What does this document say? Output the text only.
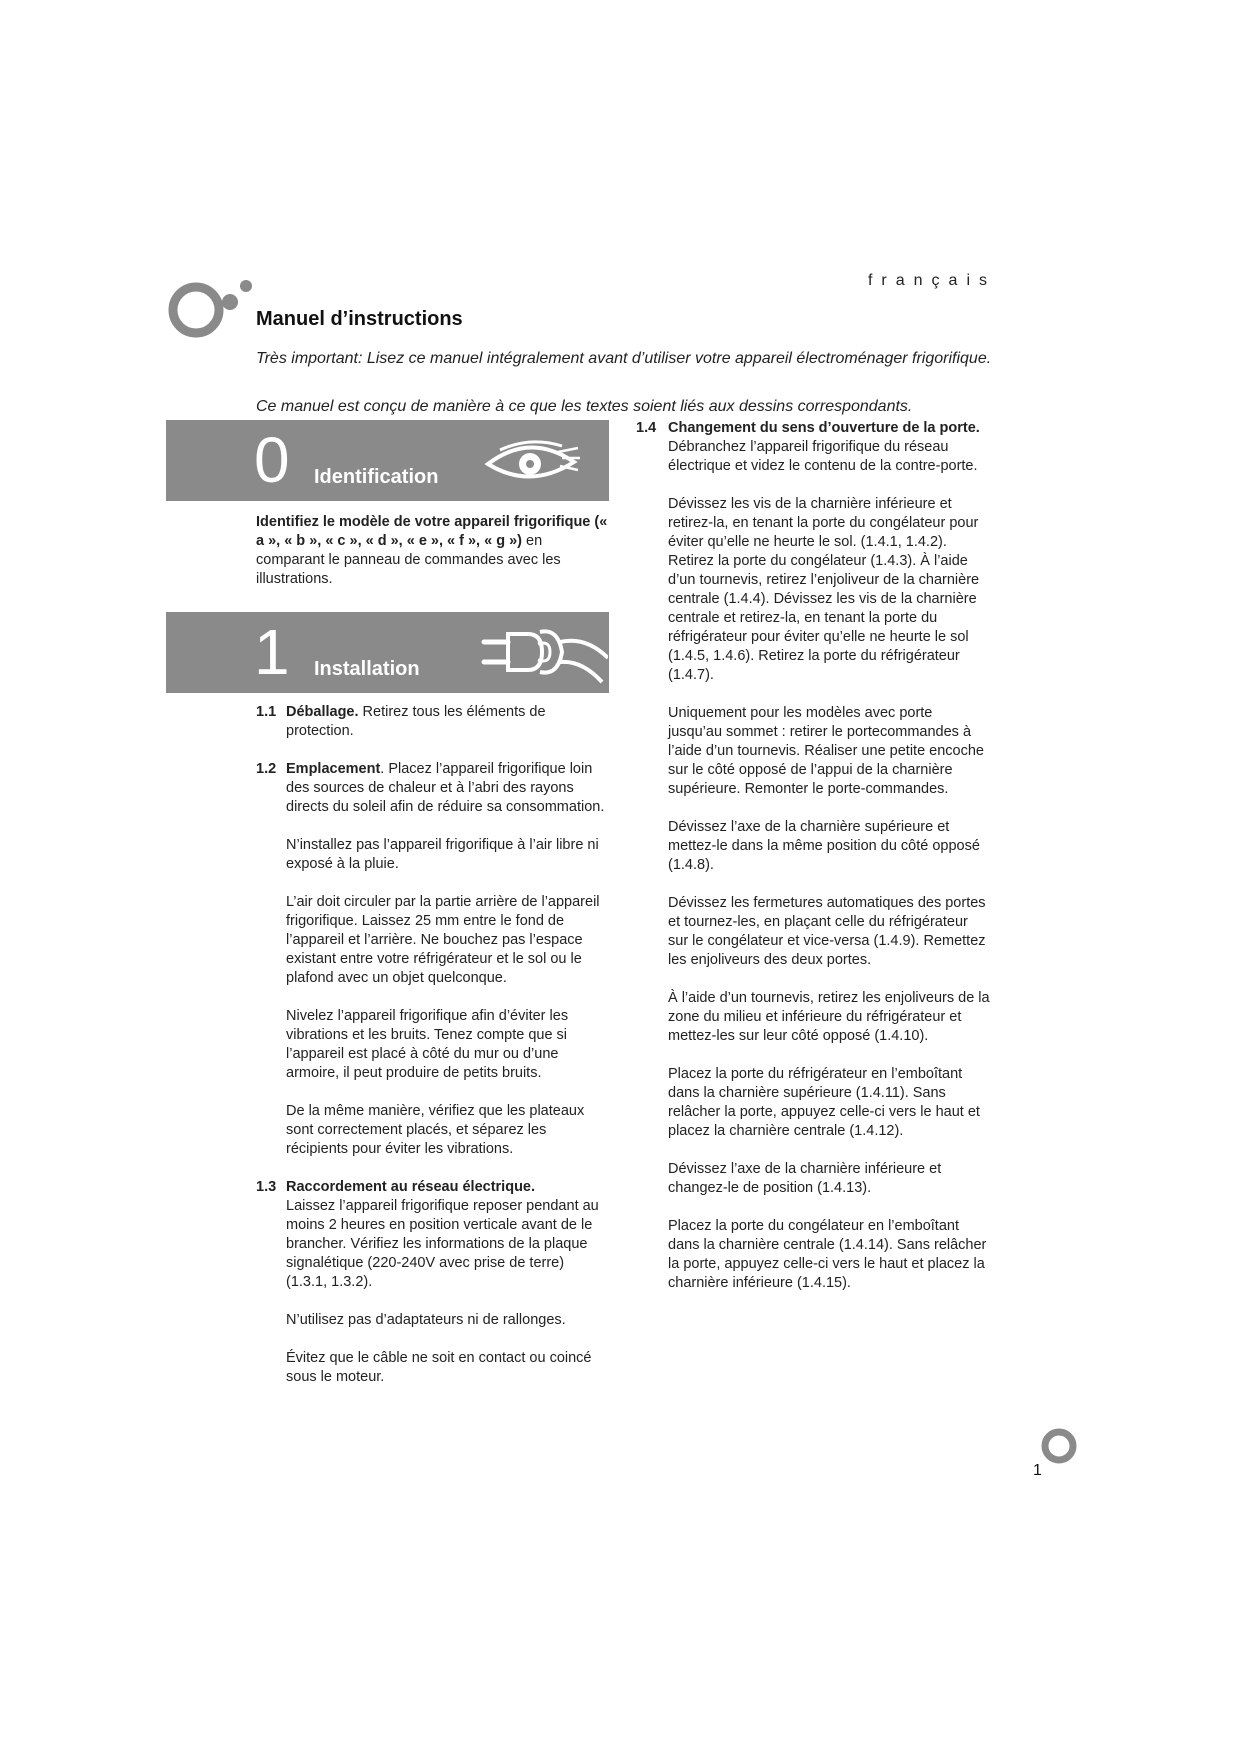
français
Manuel d’instructions
Très important: Lisez ce manuel intégralement avant d’utiliser votre appareil électroménager frigorifique.
Ce manuel est conçu de manière à ce que les textes soient liés aux dessins correspondants.
0 Identification

Identifiez le modèle de votre appareil frigorifique (« a », « b », « c », « d », « e », « f », « g ») en comparant le panneau de commandes avec les illustrations.

1 Installation
1.1 Déballage. Retirez tous les éléments de protection.

1.2 Emplacement. Placez l’appareil frigorifique loin des sources de chaleur et à l’abri des rayons directs du soleil afin de réduire sa consommation.

N’installez pas l’appareil frigorifique à l’air libre ni exposé à la pluie.

L’air doit circuler par la partie arrière de l’appareil frigorifique. Laissez 25 mm entre le fond de l’appareil et l’arrière. Ne bouchez pas l’espace existant entre votre réfrigérateur et le sol ou le plafond avec un objet quelconque.

Nivelez l’appareil frigorifique afin d’éviter les vibrations et les bruits. Tenez compte que si l’appareil est placé à côté du mur ou d’une armoire, il peut produire de petits bruits.

De la même manière, vérifiez que les plateaux sont correctement placés, et séparez les récipients pour éviter les vibrations.

1.3 Raccordement au réseau électrique.

Laissez l’appareil frigorifique reposer pendant au moins 2 heures en position verticale avant de le brancher. Vérifiez les informations de la plaque signalétique (220-240V avec prise de terre) (1.3.1, 1.3.2).

N’utilisez pas d’adaptateurs ni de rallonges.

Évitez que le câble ne soit en contact ou coincé sous le moteur.

1.4 Changement du sens d’ouverture de la porte. Débranchez l’appareil frigorifique du réseau électrique et videz le contenu de la contre-porte.

Dévissez les vis de la charnière inférieure et retirez-la, en tenant la porte du congélateur pour éviter qu’elle ne heurte le sol. (1.4.1, 1.4.2). Retirez la porte du congélateur (1.4.3). À l’aide d’un tournevis, retirez l’enjoliveur de la charnière centrale (1.4.4). Dévissez les vis de la charnière centrale et retirez-la, en tenant la porte du réfrigérateur pour éviter qu’elle ne heurte le sol (1.4.5, 1.4.6). Retirez la porte du réfrigérateur (1.4.7).

Uniquement pour les modèles avec porte jusqu’au sommet : retirer le portecommandes à l’aide d’un tournevis. Réaliser une petite encoche sur le côté opposé de l’appui de la charnière supérieure. Remonter le porte-commandes.

Dévissez l’axe de la charnière supérieure et mettez-le dans la même position du côté opposé (1.4.8).

Dévissez les fermetures automatiques des portes et tournez-les, en plaçant celle du réfrigérateur sur le congélateur et vice-versa (1.4.9). Remettez les enjoliveurs des deux portes.

À l’aide d’un tournevis, retirez les enjoliveurs de la zone du milieu et inférieure du réfrigérateur et mettez-les sur leur côté opposé (1.4.10).

Placez la porte du réfrigérateur en l’emboîtant dans la charnière supérieure (1.4.11). Sans relâcher la porte, appuyez celle-ci vers le haut et placez la charnière centrale (1.4.12).

Dévissez l’axe de la charnière inférieure et changez-le de position (1.4.13).

Placez la porte du congélateur en l’emboîtant dans la charnière centrale (1.4.14). Sans relâcher la porte, appuyez celle-ci vers le haut et placez la charnière inférieure (1.4.15).

1
